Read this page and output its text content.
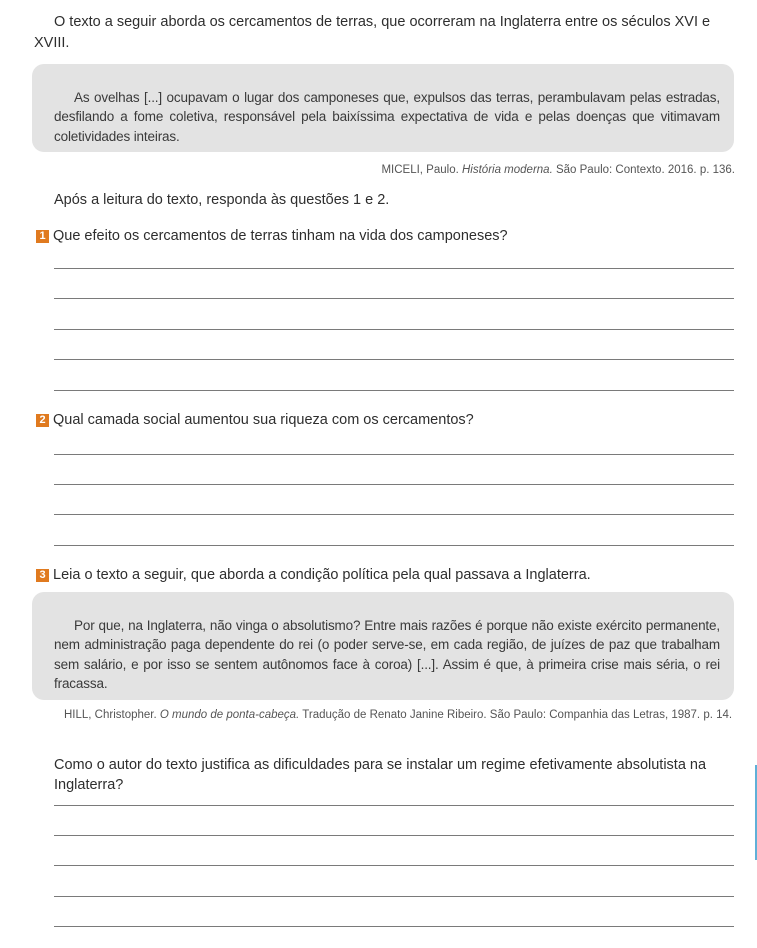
O texto a seguir aborda os cercamentos de terras, que ocorreram na Inglaterra entre os séculos XVI e XVIII.

As ovelhas [...] ocupavam o lugar dos camponeses que, expulsos das terras, perambulavam pelas estradas, desfilando a fome coletiva, responsável pela baixíssima expectativa de vida e pelas doenças que vitimavam coletividades inteiras.

MICELI, Paulo. História moderna. São Paulo: Contexto. 2016. p. 136.

Após a leitura do texto, responda às questões 1 e 2.

1 Que efeito os cercamentos de terras tinham na vida dos camponeses?
2 Qual camada social aumentou sua riqueza com os cercamentos?
3 Leia o texto a seguir, que aborda a condição política pela qual passava a Inglaterra.

Por que, na Inglaterra, não vinga o absolutismo? Entre mais razões é porque não existe exército permanente, nem administração paga dependente do rei (o poder serve-se, em cada região, de juízes de paz que trabalham sem salário, e por isso se sentem autônomos face à coroa) [...]. Assim é que, à primeira crise mais séria, o rei fracassa.

HILL, Christopher. O mundo de ponta-cabeça. Tradução de Renato Janine Ribeiro. São Paulo: Companhia das Letras, 1987. p. 14.

Como o autor do texto justifica as dificuldades para se instalar um regime efetivamente absolutista na Inglaterra?
